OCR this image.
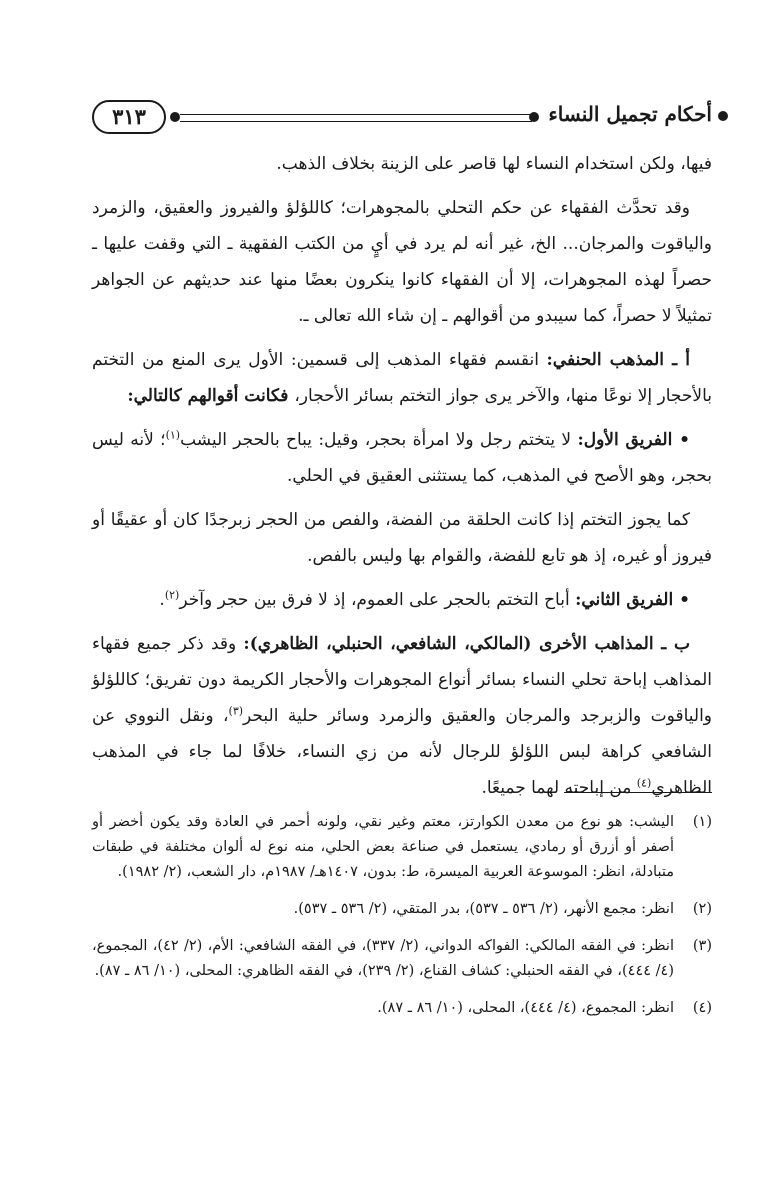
أحكام تجميل النساء
٣١٣

فيها، ولكن استخدام النساء لها قاصر على الزينة بخلاف الذهب.

وقد تحدَّث الفقهاء عن حكم التحلي بالمجوهرات؛ كاللؤلؤ والفيروز والعقيق، والزمرد والياقوت والمرجان... الخ، غير أنه لم يرد في أيٍ من الكتب الفقهية ـ التي وقفت عليها ـ حصراً لهذه المجوهرات، إلا أن الفقهاء كانوا ينكرون بعضًا منها عند حديثهم عن الجواهر تمثيلاً لا حصراً، كما سيبدو من أقوالهم ـ إن شاء الله تعالى ـ.

أ ـ المذهب الحنفي: انقسم فقهاء المذهب إلى قسمين: الأول يرى المنع من التختم بالأحجار إلا نوعًا منها، والآخر يرى جواز التختم بسائر الأحجار، فكانت أقوالهم كالتالي:

• الفريق الأول: لا يتختم رجل ولا امرأة بحجر، وقيل: يباح بالحجر اليشب$^{(١)}$؛ لأنه ليس بحجر، وهو الأصح في المذهب، كما يستثنى العقيق في الحلي.

كما يجوز التختم إذا كانت الحلقة من الفضة، والفص من الحجر زبرجدًا كان أو عقيقًا أو فيروز أو غيره، إذ هو تابع للفضة، والقوام بها وليس بالفص.

• الفريق الثاني: أباح التختم بالحجر على العموم، إذ لا فرق بين حجر وآخر$^{(٢)}$.

ب ـ المذاهب الأخرى (المالكي، الشافعي، الحنبلي، الظاهري): وقد ذكر جميع فقهاء المذاهب إباحة تحلي النساء بسائر أنواع المجوهرات والأحجار الكريمة دون تفريق؛ كاللؤلؤ والياقوت والزبرجد والمرجان والعقيق والزمرد وسائر حلية البحر$^{(٣)}$، ونقل النووي عن الشافعي كراهة لبس اللؤلؤ للرجال لأنه من زي النساء، خلافًا لما جاء في المذهب الظاهري$^{(٤)}$ من إباحته لهما جميعًا.

(١)
اليشب: هو نوع من معدن الكوارتز، معتم وغير نقي، ولونه أحمر في العادة وقد يكون أخضر أو أصفر أو أزرق أو رمادي، يستعمل في صناعة بعض الحلي، منه نوع له ألوان مختلفة في طبقات متبادلة، انظر: الموسوعة العربية الميسرة، ط: بدون، ١٤٠٧هـ/ ١٩٨٧م، دار الشعب، (٢/ ١٩٨٢).
(٢)
انظر: مجمع الأنهر، (٢/ ٥٣٦ ـ ٥٣٧)، بدر المتقي، (٢/ ٥٣٦ ـ ٥٣٧).
(٣)
انظر: في الفقه المالكي: الفواكه الدواني، (٢/ ٣٣٧)، في الفقه الشافعي: الأم، (٢/ ٤٢)، المجموع، (٤/ ٤٤٤)، في الفقه الحنبلي: كشاف القناع، (٢/ ٢٣٩)، في الفقه الظاهري: المحلى، (١٠/ ٨٦ ـ ٨٧).
(٤)
انظر: المجموع، (٤/ ٤٤٤)، المحلى، (١٠/ ٨٦ ـ ٨٧).
